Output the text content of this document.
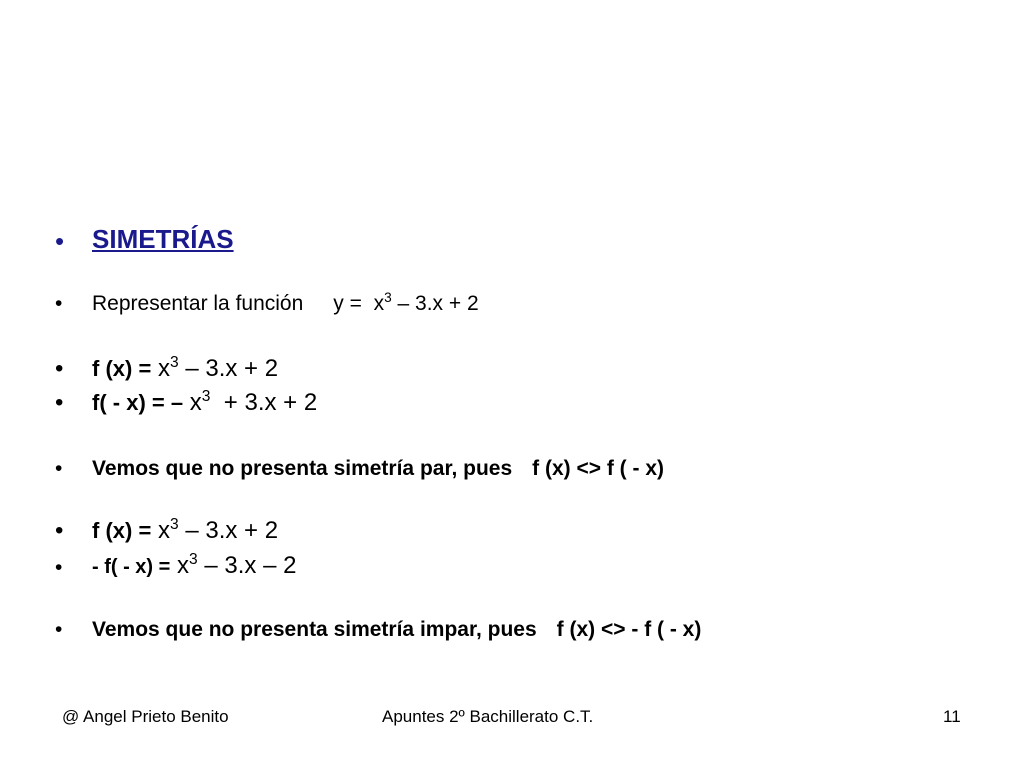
• SIMETRÍAS
• Representar la función $y = x^3 - 3.x + 2$
• f $(x) = x^3 - 3.x + 2$
• f( - x) = – $x^3 + 3.x + 2$
• Vemos que no presenta simetría par, pues f (x) <> f ( - x)
• f $(x) = x^3 - 3.x + 2$
• - $f( - x) = x^3 - 3.x - 2$
• Vemos que no presenta simetría impar, pues f (x) <> - f ( - x)
@ Angel Prieto Benito	Apuntes 2º Bachillerato C.T.	11
